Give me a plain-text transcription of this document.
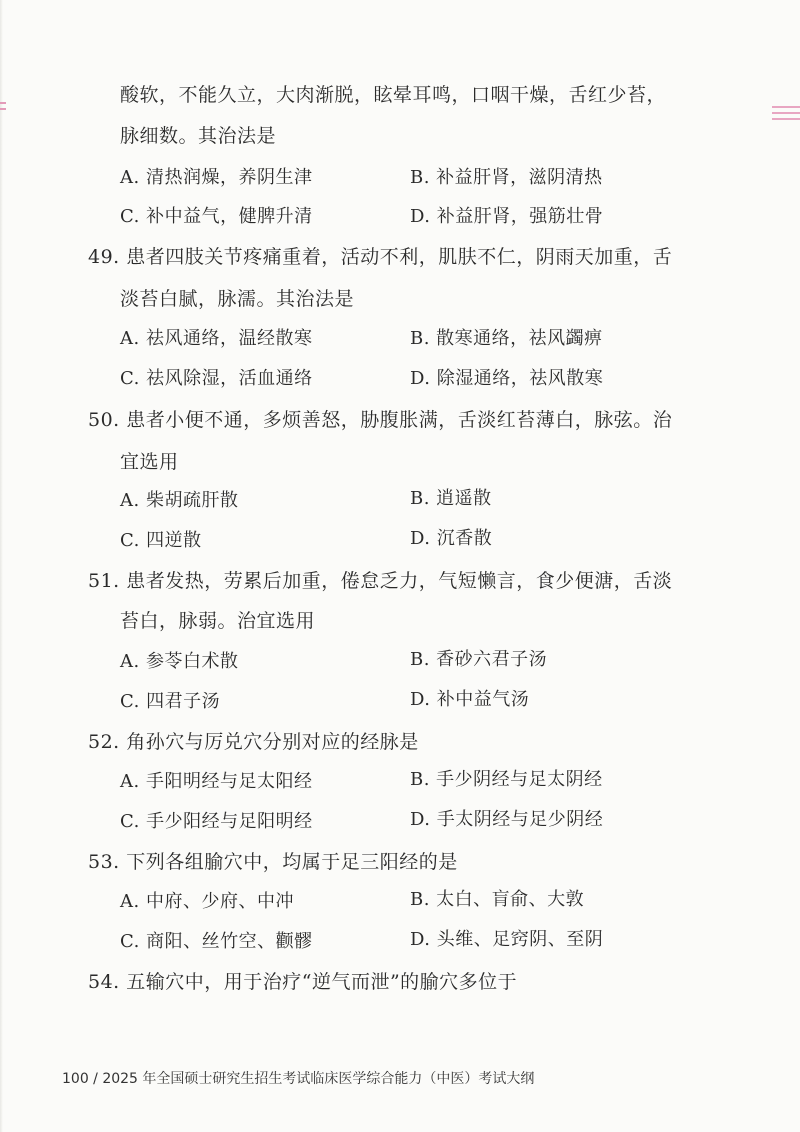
酸软，不能久立，大肉渐脱，眩晕耳鸣，口咽干燥，舌红少苔，
脉细数。其治法是
A. 清热润燥，养阴生津	B. 补益肝肾，滋阴清热
C. 补中益气，健脾升清	D. 补益肝肾，强筋壮骨
49. 患者四肢关节疼痛重着，活动不利，肌肤不仁，阴雨天加重，舌
淡苔白腻，脉濡。其治法是
A. 祛风通络，温经散寒	B. 散寒通络，祛风蠲痹
C. 祛风除湿，活血通络	D. 除湿通络，祛风散寒
50. 患者小便不通，多烦善怒，胁腹胀满，舌淡红苔薄白，脉弦。治
宜选用
A. 柴胡疏肝散	B. 逍遥散
C. 四逆散	D. 沉香散
51. 患者发热，劳累后加重，倦怠乏力，气短懒言，食少便溏，舌淡
苔白，脉弱。治宜选用
A. 参苓白术散	B. 香砂六君子汤
C. 四君子汤	D. 补中益气汤
52. 角孙穴与厉兑穴分别对应的经脉是
A. 手阳明经与足太阳经	B. 手少阴经与足太阴经
C. 手少阳经与足阳明经	D. 手太阴经与足少阴经
53. 下列各组腧穴中，均属于足三阳经的是
A. 中府、少府、中冲	B. 太白、肓俞、大敦
C. 商阳、丝竹空、颧髎	D. 头维、足窍阴、至阴
54. 五输穴中，用于治疗“逆气而泄”的腧穴多位于
100 / 2025 年全国硕士研究生招生考试临床医学综合能力（中医）考试大纲
